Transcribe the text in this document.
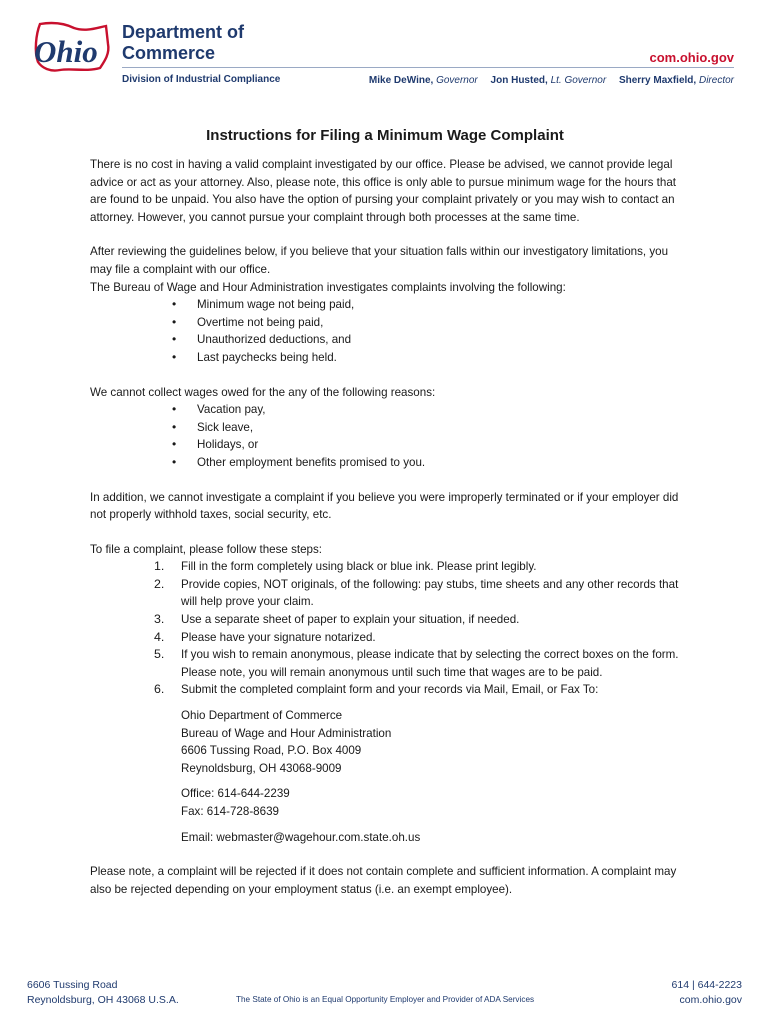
Ohio
Department of
Commerce	com.ohio.gov
Division of Industrial Compliance	Mike DeWine, Governor Jon Husted, Lt. Governor Sherry Maxfield, Director
Instructions for Filing a Minimum Wage Complaint

There is no cost in having a valid complaint investigated by our office. Please be advised, we cannot provide legal advice or act as your attorney. Also, please note, this office is only able to pursue minimum wage for the hours that are found to be unpaid. You also have the option of pursing your complaint privately or you may wish to contact an attorney. However, you cannot pursue your complaint through both processes at the same time.

After reviewing the guidelines below, if you believe that your situation falls within our investigatory limitations, you may file a complaint with our office.

The Bureau of Wage and Hour Administration investigates complaints involving the following:

• Minimum wage not being paid,
• Overtime not being paid,
• Unauthorized deductions, and
• Last paychecks being held.

We cannot collect wages owed for the any of the following reasons:

• Vacation pay,
• Sick leave,
• Holidays, or
• Other employment benefits promised to you.

In addition, we cannot investigate a complaint if you believe you were improperly terminated or if your employer did not properly withhold taxes, social security, etc.

To file a complaint, please follow these steps:

1. Fill in the form completely using black or blue ink. Please print legibly.
2. Provide copies, NOT originals, of the following: pay stubs, time sheets and any other records that will help prove your claim.
3. Use a separate sheet of paper to explain your situation, if needed.
4. Please have your signature notarized.
5. If you wish to remain anonymous, please indicate that by selecting the correct boxes on the form. Please note, you will remain anonymous until such time that wages are to be paid.
6. Submit the completed complaint form and your records via Mail, Email, or Fax To:
Ohio Department of Commerce
Bureau of Wage and Hour Administration
6606 Tussing Road, P.O. Box 4009
Reynoldsburg, OH 43068-9009
Office: 614-644-2239
Fax: 614-728-8639
Email: webmaster@wagehour.com.state.oh.us

Please note, a complaint will be rejected if it does not contain complete and sufficient information. A complaint may also be rejected depending on your employment status (i.e. an exempt employee).

6606 Tussing Road
Reynoldsburg, OH 43068 U.S.A.	The State of Ohio is an Equal Opportunity Employer and Provider of ADA Services
614 | 644-2223
com.ohio.gov
